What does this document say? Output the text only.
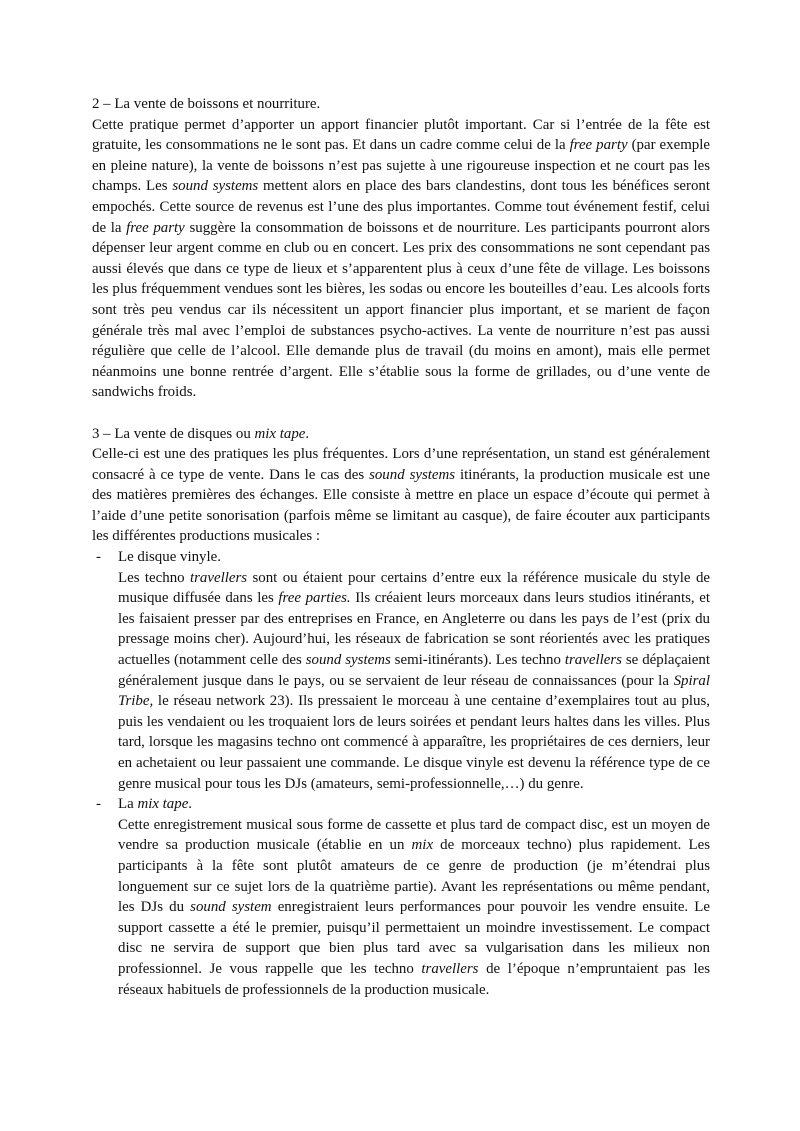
2 – La vente de boissons et nourriture.

Cette pratique permet d’apporter un apport financier plutôt important. Car si l’entrée de la fête est gratuite, les consommations ne le sont pas. Et dans un cadre comme celui de la free party (par exemple en pleine nature), la vente de boissons n’est pas sujette à une rigoureuse inspection et ne court pas les champs. Les sound systems mettent alors en place des bars clandestins, dont tous les bénéfices seront empochés. Cette source de revenus est l’une des plus importantes. Comme tout événement festif, celui de la free party suggère la consommation de boissons et de nourriture. Les participants pourront alors dépenser leur argent comme en club ou en concert. Les prix des consommations ne sont cependant pas aussi élevés que dans ce type de lieux et s’apparentent plus à ceux d’une fête de village. Les boissons les plus fréquemment vendues sont les bières, les sodas ou encore les bouteilles d’eau. Les alcools forts sont très peu vendus car ils nécessitent un apport financier plus important, et se marient de façon générale très mal avec l’emploi de substances psycho-actives. La vente de nourriture n’est pas aussi régulière que celle de l’alcool. Elle demande plus de travail (du moins en amont), mais elle permet néanmoins une bonne rentrée d’argent. Elle s’établie sous la forme de grillades, ou d’une vente de sandwichs froids.

3 – La vente de disques ou mix tape.

Celle-ci est une des pratiques les plus fréquentes. Lors d’une représentation, un stand est généralement consacré à ce type de vente. Dans le cas des sound systems itinérants, la production musicale est une des matières premières des échanges. Elle consiste à mettre en place un espace d’écoute qui permet à l’aide d’une petite sonorisation (parfois même se limitant au casque), de faire écouter aux participants les différentes productions musicales :

- Le disque vinyle.

Les techno travellers sont ou étaient pour certains d’entre eux la référence musicale du style de musique diffusée dans les free parties. Ils créaient leurs morceaux dans leurs studios itinérants, et les faisaient presser par des entreprises en France, en Angleterre ou dans les pays de l’est (prix du pressage moins cher). Aujourd’hui, les réseaux de fabrication se sont réorientés avec les pratiques actuelles (notamment celle des sound systems semi-itinérants). Les techno travellers se déplaçaient généralement jusque dans le pays, ou se servaient de leur réseau de connaissances (pour la Spiral Tribe, le réseau network 23). Ils pressaient le morceau à une centaine d’exemplaires tout au plus, puis les vendaient ou les troquaient lors de leurs soirées et pendant leurs haltes dans les villes. Plus tard, lorsque les magasins techno ont commencé à apparaître, les propriétaires de ces derniers, leur en achetaient ou leur passaient une commande. Le disque vinyle est devenu la référence type de ce genre musical pour tous les DJs (amateurs, semi-professionnelle,…) du genre.

- La mix tape.

Cette enregistrement musical sous forme de cassette et plus tard de compact disc, est un moyen de vendre sa production musicale (établie en un mix de morceaux techno) plus rapidement. Les participants à la fête sont plutôt amateurs de ce genre de production (je m’étendrai plus longuement sur ce sujet lors de la quatrième partie). Avant les représentations ou même pendant, les DJs du sound system enregistraient leurs performances pour pouvoir les vendre ensuite. Le support cassette a été le premier, puisqu’il permettaient un moindre investissement. Le compact disc ne servira de support que bien plus tard avec sa vulgarisation dans les milieux non professionnel. Je vous rappelle que les techno travellers de l’époque n’empruntaient pas les réseaux habituels de professionnels de la production musicale.
